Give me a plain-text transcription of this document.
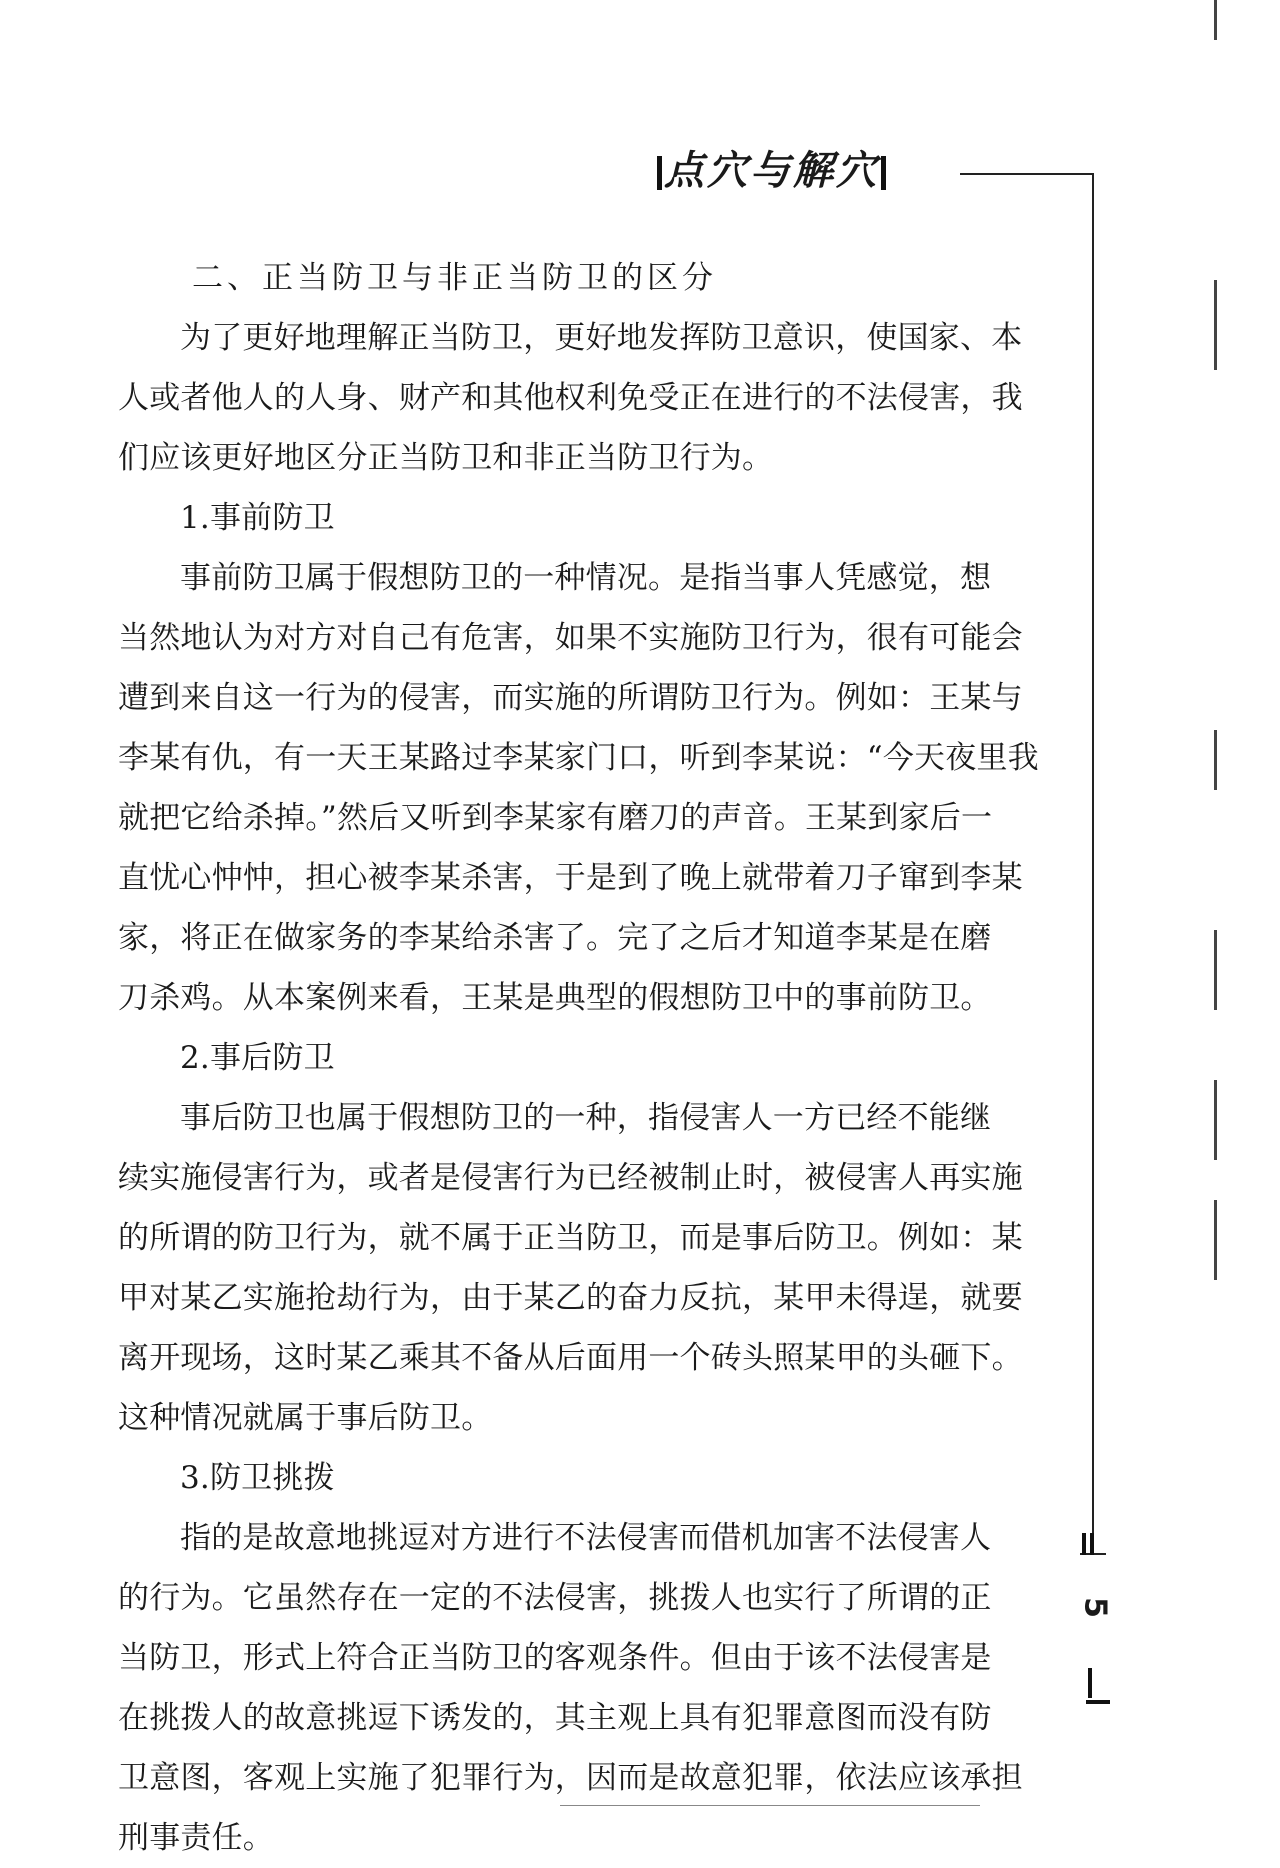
点穴与解穴
5
二、正当防卫与非正当防卫的区分
为了更好地理解正当防卫，更好地发挥防卫意识，使国家、本
人或者他人的人身、财产和其他权利免受正在进行的不法侵害，我
们应该更好地区分正当防卫和非正当防卫行为。
1.事前防卫
事前防卫属于假想防卫的一种情况。是指当事人凭感觉，想
当然地认为对方对自己有危害，如果不实施防卫行为，很有可能会
遭到来自这一行为的侵害，而实施的所谓防卫行为。例如：王某与
李某有仇，有一天王某路过李某家门口，听到李某说：“今天夜里我
就把它给杀掉。”然后又听到李某家有磨刀的声音。王某到家后一
直忧心忡忡，担心被李某杀害，于是到了晚上就带着刀子窜到李某
家，将正在做家务的李某给杀害了。完了之后才知道李某是在磨
刀杀鸡。从本案例来看，王某是典型的假想防卫中的事前防卫。
2.事后防卫
事后防卫也属于假想防卫的一种，指侵害人一方已经不能继
续实施侵害行为，或者是侵害行为已经被制止时，被侵害人再实施
的所谓的防卫行为，就不属于正当防卫，而是事后防卫。例如：某
甲对某乙实施抢劫行为，由于某乙的奋力反抗，某甲未得逞，就要
离开现场，这时某乙乘其不备从后面用一个砖头照某甲的头砸下。
这种情况就属于事后防卫。
3.防卫挑拨
指的是故意地挑逗对方进行不法侵害而借机加害不法侵害人
的行为。它虽然存在一定的不法侵害，挑拨人也实行了所谓的正
当防卫，形式上符合正当防卫的客观条件。但由于该不法侵害是
在挑拨人的故意挑逗下诱发的，其主观上具有犯罪意图而没有防
卫意图，客观上实施了犯罪行为，因而是故意犯罪，依法应该承担
刑事责任。
